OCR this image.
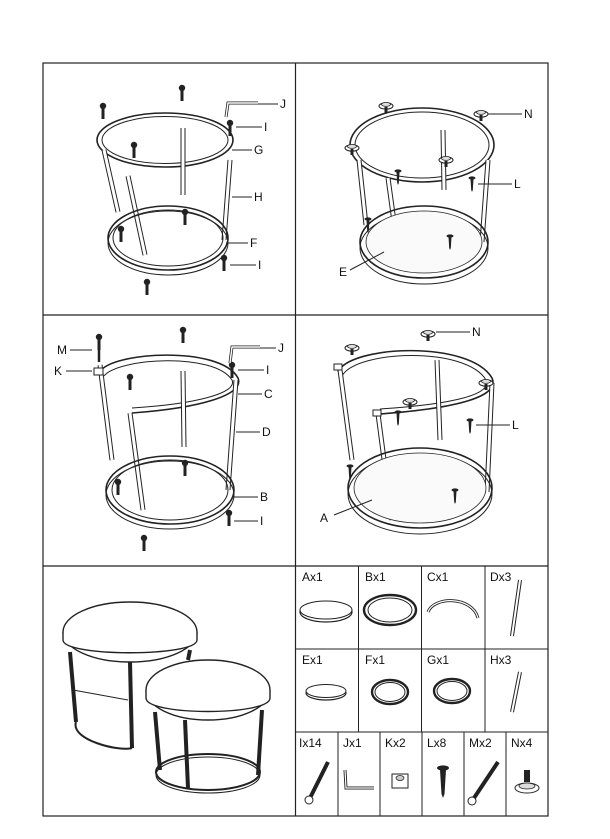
J
I
G
H
F
I
N
L
E
M
K
J
I
C
D
B
I
N
L
A
Ax1	Bx1	Cx1	Dx3
Ex1	Fx1	Gx1	Hx3
Ix14 Jx1 Kx2 Lx8 Mx2 Nx4
